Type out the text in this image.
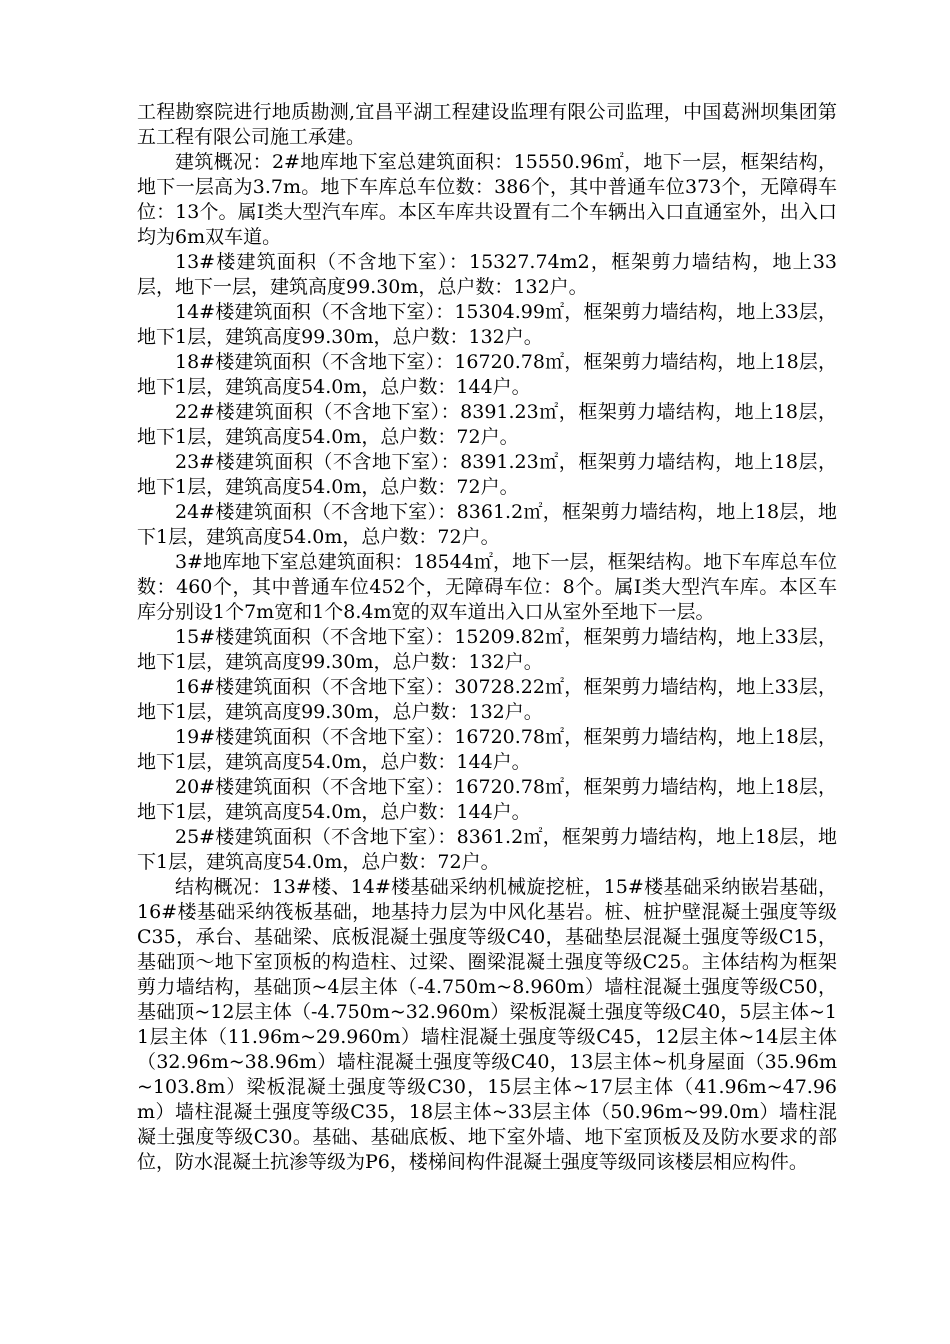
工程勘察院进行地质勘测,宜昌平湖工程建设监理有限公司监理，中国葛洲坝集团第五工程有限公司施工承建。

建筑概况：2#地库地下室总建筑面积：15550.96㎡，地下一层，框架结构，地下一层高为3.7m。地下车库总车位数：386个，其中普通车位373个，无障碍车位：13个。属Ⅰ类大型汽车库。本区车库共设置有二个车辆出入口直通室外，出入口均为6m双车道。

13#楼建筑面积（不含地下室）：15327.74m2，框架剪力墙结构，地上33层，地下一层，建筑高度99.30m，总户数：132户。

14#楼建筑面积（不含地下室）：15304.99㎡，框架剪力墙结构，地上33层，地下1层，建筑高度99.30m，总户数：132户。

18#楼建筑面积（不含地下室）：16720.78㎡，框架剪力墙结构，地上18层，地下1层，建筑高度54.0m，总户数：144户。

22#楼建筑面积（不含地下室）：8391.23㎡，框架剪力墙结构，地上18层，地下1层，建筑高度54.0m，总户数：72户。

23#楼建筑面积（不含地下室）：8391.23㎡，框架剪力墙结构，地上18层，地下1层，建筑高度54.0m，总户数：72户。

24#楼建筑面积（不含地下室）：8361.2㎡，框架剪力墙结构，地上18层，地下1层，建筑高度54.0m，总户数：72户。

3#地库地下室总建筑面积：18544㎡，地下一层，框架结构。地下车库总车位数：460个，其中普通车位452个，无障碍车位：8个。属Ⅰ类大型汽车库。本区车库分别设1个7m宽和1个8.4m宽的双车道出入口从室外至地下一层。

15#楼建筑面积（不含地下室）：15209.82㎡，框架剪力墙结构，地上33层，地下1层，建筑高度99.30m，总户数：132户。

16#楼建筑面积（不含地下室）：30728.22㎡，框架剪力墙结构，地上33层，地下1层，建筑高度99.30m，总户数：132户。

19#楼建筑面积（不含地下室）：16720.78㎡，框架剪力墙结构，地上18层，地下1层，建筑高度54.0m，总户数：144户。

20#楼建筑面积（不含地下室）：16720.78㎡，框架剪力墙结构，地上18层，地下1层，建筑高度54.0m，总户数：144户。

25#楼建筑面积（不含地下室）：8361.2㎡，框架剪力墙结构，地上18层，地下1层，建筑高度54.0m，总户数：72户。

结构概况：13#楼、14#楼基础采纳机械旋挖桩，15#楼基础采纳嵌岩基础，16#楼基础采纳筏板基础，地基持力层为中风化基岩。桩、桩护壁混凝土强度等级C35，承台、基础梁、底板混凝土强度等级C40，基础垫层混凝土强度等级C15，基础顶～地下室顶板的构造柱、过梁、圈梁混凝土强度等级C25。主体结构为框架剪力墙结构，基础顶~4层主体（-4.750m~8.960m）墙柱混凝土强度等级C50，基础顶~12层主体（-4.750m~32.960m）梁板混凝土强度等级C40，5层主体~11层主体（11.96m~29.960m）墙柱混凝土强度等级C45，12层主体~14层主体（32.96m~38.96m）墙柱混凝土强度等级C40，13层主体~机身屋面（35.96m~103.8m）梁板混凝土强度等级C30，15层主体~17层主体（41.96m~47.96m）墙柱混凝土强度等级C35，18层主体~33层主体（50.96m~99.0m）墙柱混凝土强度等级C30。基础、基础底板、地下室外墙、地下室顶板及及防水要求的部位，防水混凝土抗渗等级为P6，楼梯间构件混凝土强度等级同该楼层相应构件。
